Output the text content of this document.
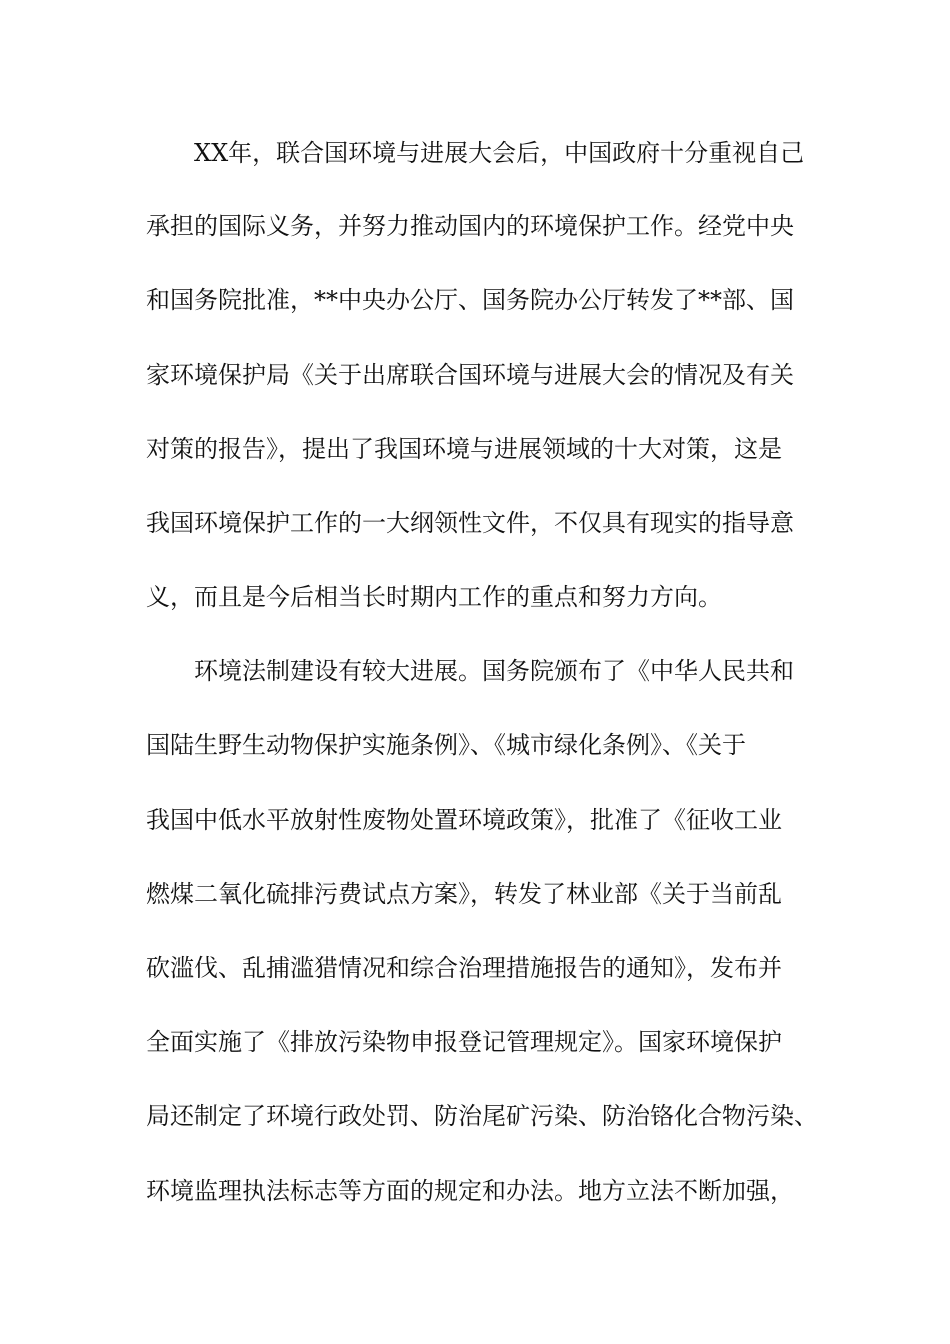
XX年，联合国环境与进展大会后，中国政府十分重视自己
承担的国际义务，并努力推动国内的环境保护工作。经党中央
和国务院批准，**中央办公厅、国务院办公厅转发了**部、国
家环境保护局《关于出席联合国环境与进展大会的情况及有关
对策的报告》，提出了我国环境与进展领域的十大对策，这是
我国环境保护工作的一大纲领性文件，不仅具有现实的指导意
义，而且是今后相当长时期内工作的重点和努力方向。
环境法制建设有较大进展。国务院颁布了《中华人民共和
国陆生野生动物保护实施条例》、《城市绿化条例》、《关于
我国中低水平放射性废物处置环境政策》，批准了《征收工业
燃煤二氧化硫排污费试点方案》，转发了林业部《关于当前乱
砍滥伐、乱捕滥猎情况和综合治理措施报告的通知》，发布并
全面实施了《排放污染物申报登记管理规定》。国家环境保护
局还制定了环境行政处罚、防治尾矿污染、防治铬化合物污染、
环境监理执法标志等方面的规定和办法。地方立法不断加强，
